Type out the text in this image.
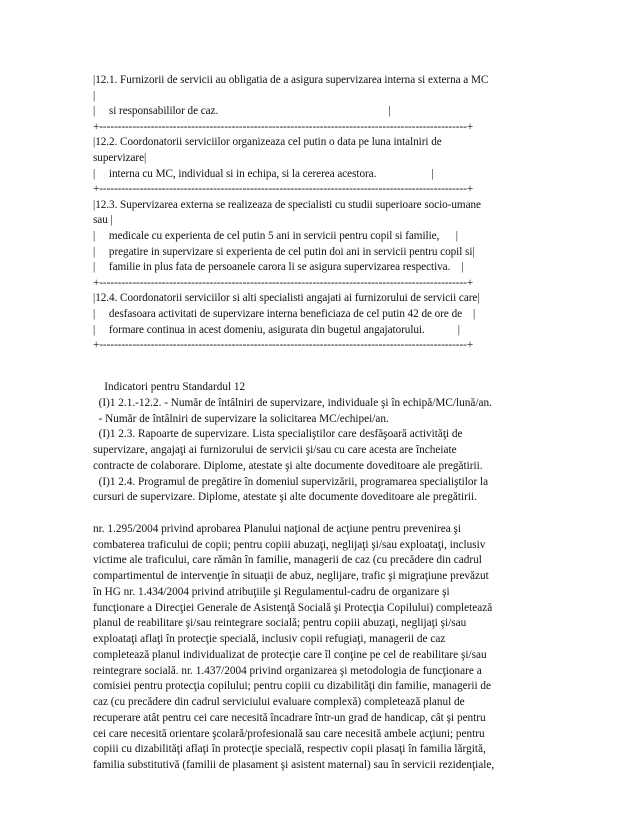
|12.1. Furnizorii de servicii au obligatia de a asigura supervizarea interna si externa a MC
|
|     si responsabililor de caz.                                                              |
+----------------------------------------------------------------------------------------------------+
|12.2. Coordonatorii serviciilor organizeaza cel putin o data pe luna intalniri de
supervizare|
|     interna cu MC, individual si in echipa, si la cererea acestora.                    |
+----------------------------------------------------------------------------------------------------+
|12.3. Supervizarea externa se realizeaza de specialisti cu studii superioare socio-umane
sau |
|     medicale cu experienta de cel putin 5 ani in servicii pentru copil si familie,      |
|     pregatire in supervizare si experienta de cel putin doi ani in servicii pentru copil si|
|     familie in plus fata de persoanele carora li se asigura supervizarea respectiva.    |
+----------------------------------------------------------------------------------------------------+
|12.4. Coordonatorii serviciilor si alti specialisti angajati ai furnizorului de servicii care|
|     desfasoara activitati de supervizare interna beneficiaza de cel putin 42 de ore de    |
|     formare continua in acest domeniu, asigurata din bugetul angajatorului.            |
+----------------------------------------------------------------------------------------------------+
Indicatori pentru Standardul 12
(I)1 2.1.-12.2. - Număr de întâlniri de supervizare, individuale şi în echipă/MC/lună/an.
- Număr de întâlniri de supervizare la solicitarea MC/echipei/an.
(I)1 2.3. Rapoarte de supervizare. Lista specialiştilor care desfăşoară activităţi de
supervizare, angajaţi ai furnizorului de servicii şi/sau cu care acesta are încheiate
contracte de colaborare. Diplome, atestate şi alte documente doveditoare ale pregătirii.
(I)1 2.4. Programul de pregătire în domeniul supervizării, programarea specialiştilor la
cursuri de supervizare. Diplome, atestate şi alte documente doveditoare ale pregătirii.
nr. 1.295/2004 privind aprobarea Planului naţional de acţiune pentru prevenirea şi
combaterea traficului de copii; pentru copiii abuzaţi, neglijaţi şi/sau exploataţi, inclusiv
victime ale traficului, care rămân în familie, managerii de caz (cu precădere din cadrul
compartimentul de intervenţie în situaţii de abuz, neglijare, trafic şi migraţiune prevăzut
în HG nr. 1.434/2004 privind atribuţiile şi Regulamentul-cadru de organizare şi
funcţionare a Direcţiei Generale de Asistenţă Socială şi Protecţia Copilului) completează
planul de reabilitare şi/sau reintegrare socială; pentru copiii abuzaţi, neglijaţi şi/sau
exploataţi aflaţi în protecţie specială, inclusiv copii refugiaţi, managerii de caz
completează planul individualizat de protecţie care îl conţine pe cel de reabilitare şi/sau
reintegrare socială. nr. 1.437/2004 privind organizarea şi metodologia de funcţionare a
comisiei pentru protecţia copilului; pentru copiii cu dizabilităţi din familie, managerii de
caz (cu precădere din cadrul serviciului evaluare complexă) completează planul de
recuperare atât pentru cei care necesită încadrare într-un grad de handicap, cât şi pentru
cei care necesită orientare şcolară/profesională sau care necesită ambele acţiuni; pentru
copiii cu dizabilităţi aflaţi în protecţie specială, respectiv copii plasaţi în familia lărgită,
familia substitutivă (familii de plasament şi asistent maternal) sau în servicii rezidenţiale,
